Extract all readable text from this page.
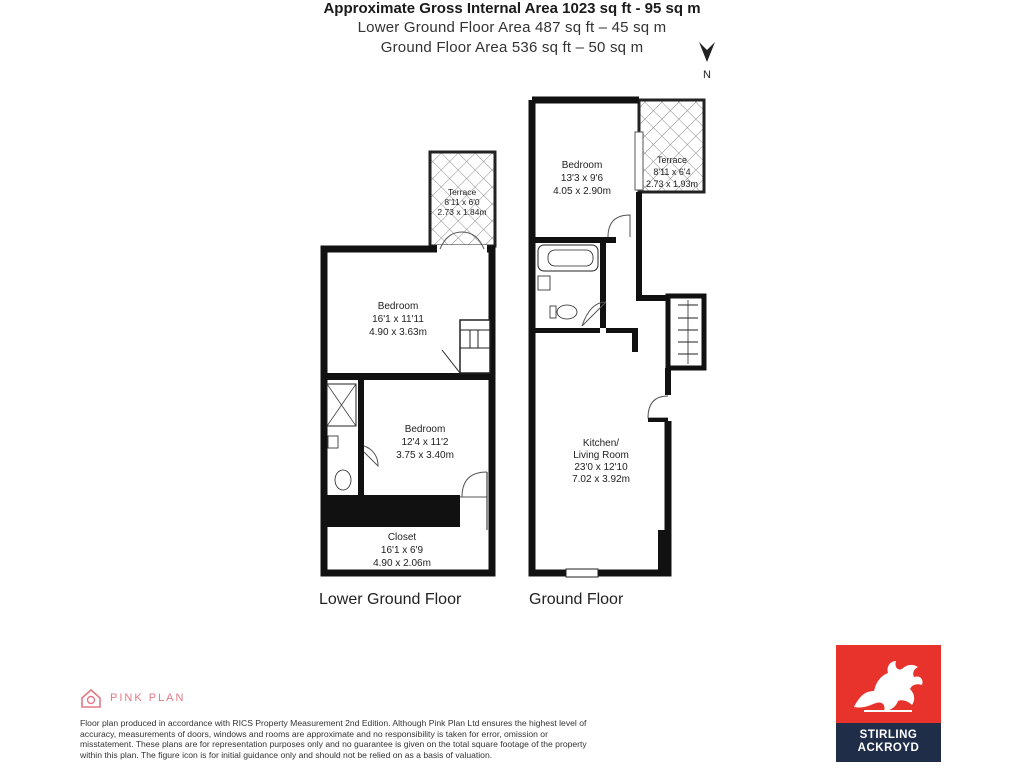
Approximate Gross Internal Area 1023 sq ft - 95 sq m
Lower Ground Floor Area 487 sq ft – 45 sq m
Ground Floor Area 536 sq ft – 50 sq m
N
Terrace
8'11 x 6'0
2.73 x 1.84m
Bedroom
16'1 x 11'11
4.90 x 3.63m
Bedroom
12'4 x 11'2
3.75 x 3.40m
Closet
16'1 x 6'9
4.90 x 2.06m
Bedroom
13'3 x 9'6
4.05 x 2.90m
Terrace
8'11 x 6'4
2.73 x 1.93m
Kitchen/
Living Room
23'0 x 12'10
7.02 x 3.92m
Lower Ground Floor	Ground Floor
PINK PLAN
Floor plan produced in accordance with RICS Property Measurement 2nd Edition. Although Pink Plan Ltd ensures the highest level of accuracy, measurements of doors, windows and rooms are approximate and no responsibility is taken for error, omission or misstatement. These plans are for representation purposes only and no guarantee is given on the total square footage of the property within this plan. The figure icon is for initial guidance only and should not be relied on as a basis of valuation.
STIRLING
ACKROYD
